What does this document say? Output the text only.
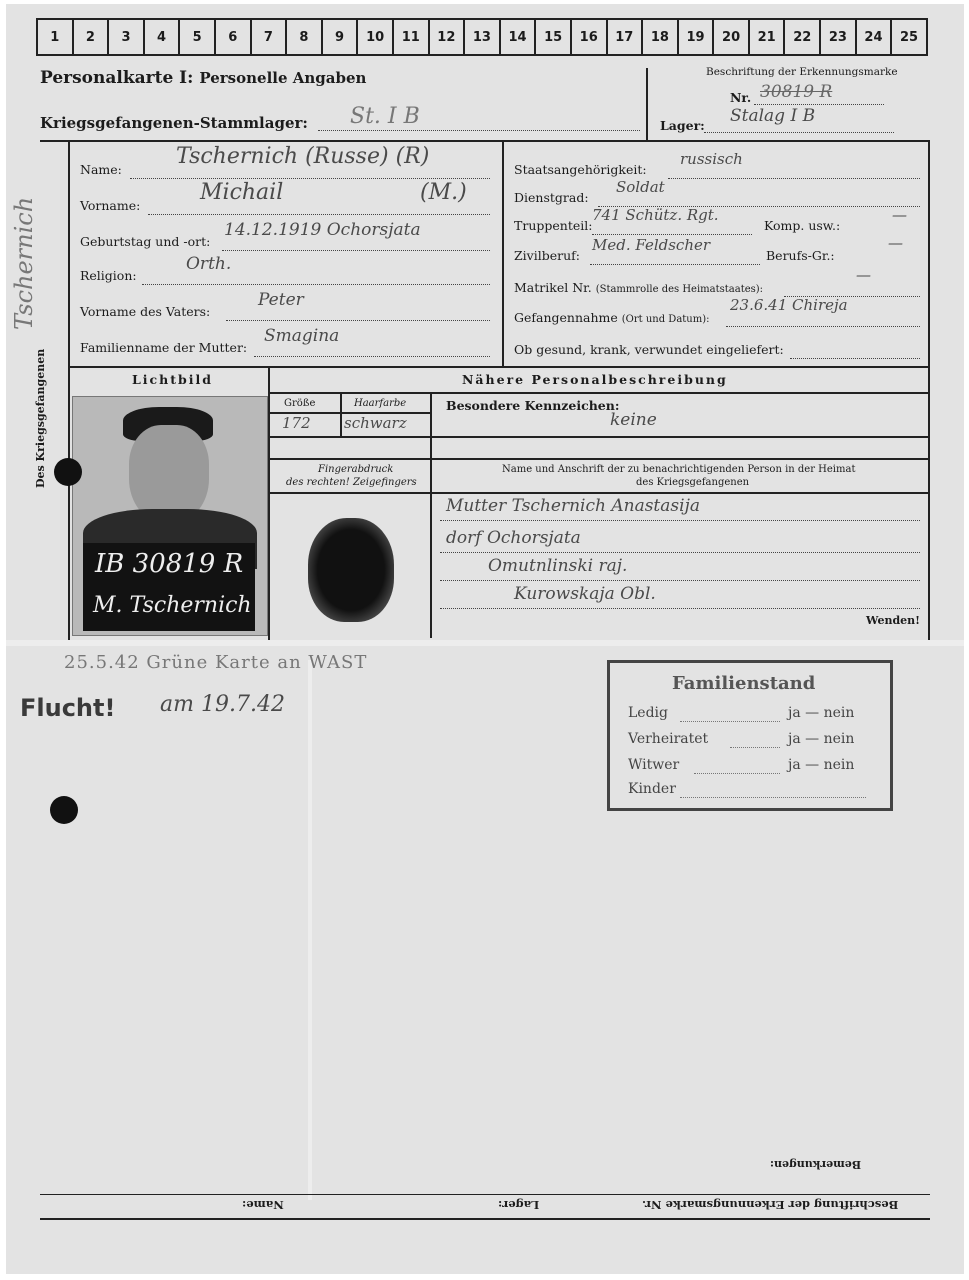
1	2	3	4	5	6	7	8	9	10	11	12	13	14	15	16	17	18	19	20	21	22	23	24	25
Personalkarte I: Personelle Angaben
Kriegsgefangenen-Stammlager: St. I B
Beschriftung der Erkennungsmarke
Nr. 30819 R
Lager: Stalag I B
Des Kriegsgefangenen
Tschernich
Name:
Tschernich (Russe) (R)
Vorname:
Michail	(M.)
Geburtstag und -ort:
14.12.1919 Ochorsjata
Religion:
Orth.
Vorname des Vaters:
Peter
Familienname der Mutter:
Smagina
Staatsangehörigkeit:
russisch
Dienstgrad:
Soldat
Truppenteil:
741 Schütz. Rgt.
Komp. usw.:
—
Zivilberuf:
Med. Feldscher
Berufs-Gr.:
—
Matrikel Nr. (Stammrolle des Heimatstaates):
—
Gefangennahme (Ort und Datum):
23.6.41 Chireja
Ob gesund, krank, verwundet eingeliefert:
Lichtbild	Nähere Personalbeschreibung
Größe	Haarfarbe
172 schwarz
Besondere Kennzeichen:
keine
Fingerabdruck
des rechten! Zeigefingers
Name und Anschrift der zu benachrichtigenden Person in der Heimat
des Kriegsgefangenen
Mutter Tschernich Anastasija
dorf Ochorsjata
Omutnlinski raj.
Kurowskaja Obl.
Wenden!
IB 30819 R
M. Tschernich
25.5.42 Grüne Karte an WAST
Flucht! am 19.7.42
Familienstand
Ledig	ja — nein
Verheiratet	ja — nein
Witwer	ja — nein
Kinder
Bemerkungen:
Beschriftung der Erkennungsmarke Nr.
Lager:
Name:
